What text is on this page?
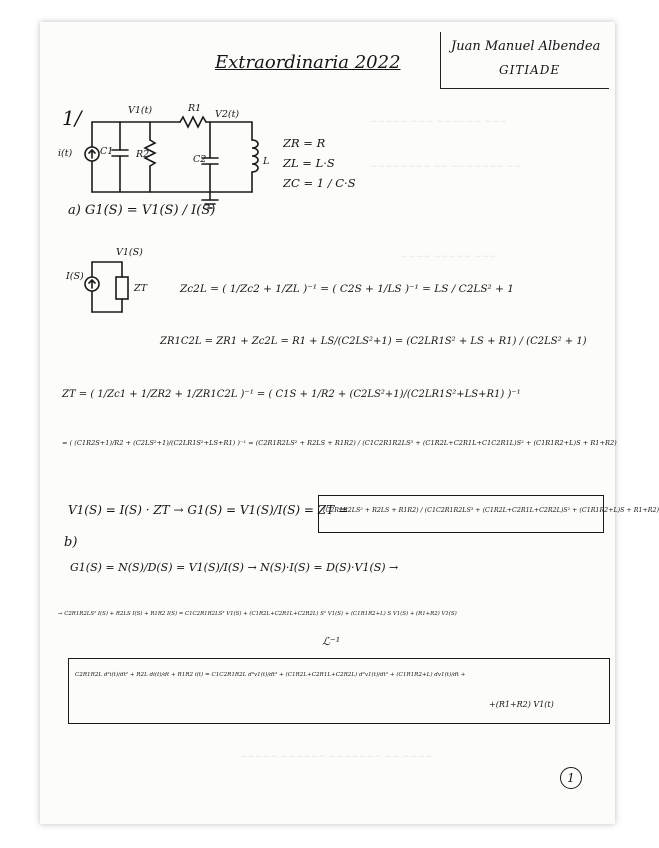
Extraordinaria 2022
Juan Manuel Albendea
GITIADE
1/	~~~~~ ~~~ ~~~~~~ ~~~
~~~~~~~~ ~~ ~~~~~~~ ~~
~~~~ ~~~~~ ~~~
~~~~~ ~~~~~~ ~~~~~~~ ~~ ~~~~
i(t)
V1(t)	V2(t)
C1 R2
R1
C2	L
ZR = R
ZL = L·S
ZC = 1 / C·S
a) G1(S) = V1(S) / I(S)
I(S)
V1(S)
ZT	Zc2L = ( 1/Zc2 + 1/ZL )⁻¹ = ( C2S + 1/LS )⁻¹ = LS / C2LS² + 1
ZR1C2L = ZR1 + Zc2L = R1 + LS/(C2LS²+1) = (C2LR1S² + LS + R1) / (C2LS² + 1)
ZT = ( 1/Zc1 + 1/ZR2 + 1/ZR1C2L )⁻¹ = ( C1S + 1/R2 + (C2LS²+1)/(C2LR1S²+LS+R1) )⁻¹
= ( (C1R2S+1)/R2 + (C2LS²+1)/(C2LR1S²+LS+R1) )⁻¹ = (C2R1R2LS² + R2LS + R1R2) / (C1C2R1R2LS³ + (C1R2L+C2R1L+C1C2R1L)S² + (C1R1R2+L)S + R1+R2)
V1(S) = I(S) · ZT → G1(S) = V1(S)/I(S) = ZT =
(C2R1R2LS² + R2LS + R1R2) / (C1C2R1R2LS³ + (C1R2L+C2R1L+C2R2L)S² + (C1R1R2+L)S + R1+R2)
b)
G1(S) = N(S)/D(S) = V1(S)/I(S) → N(S)·I(S) = D(S)·V1(S) →
→ C2R1R2LS² I(S) + R2LS I(S) + R1R2 I(S) = C1C2R1R2LS³ V1(S) + (C1R2L+C2R1L+C2R2L) S² V1(S) + (C1R1R2+L) S V1(S) + (R1+R2) V1(S)
ℒ⁻¹
C2R1R2L d²i(t)/dt² + R2L di(t)/dt + R1R2 i(t) = C1C2R1R2L d³v1(t)/dt³ + (C1R2L+C2R1L+C2R2L) d²v1(t)/dt² + (C1R1R2+L) dv1(t)/dt +
+(R1+R2) V1(t)
1
